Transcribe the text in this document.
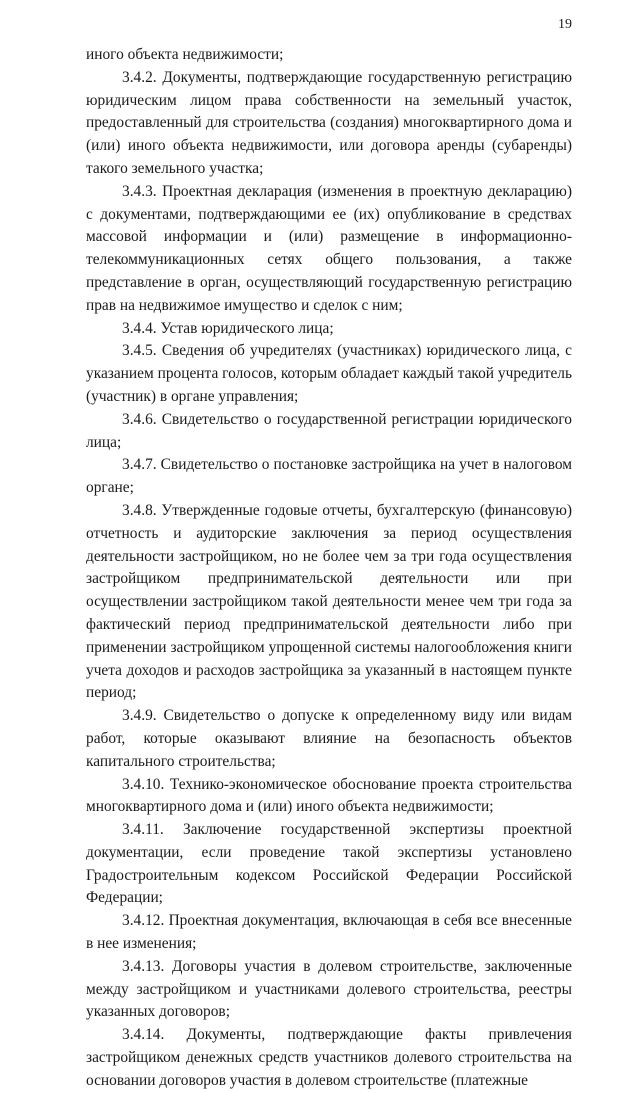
19

иного объекта недвижимости;

3.4.2. Документы, подтверждающие государственную регистрацию юридическим лицом права собственности на земельный участок, предоставленный для строительства (создания) многоквартирного дома и (или) иного объекта недвижимости, или договора аренды (субаренды) такого земельного участка;

3.4.3. Проектная декларация (изменения в проектную декларацию) с документами, подтверждающими ее (их) опубликование в средствах массовой информации и (или) размещение в информационно-телекоммуникационных сетях общего пользования, а также представление в орган, осуществляющий государственную регистрацию прав на недвижимое имущество и сделок с ним;

3.4.4. Устав юридического лица;

3.4.5. Сведения об учредителях (участниках) юридического лица, с указанием процента голосов, которым обладает каждый такой учредитель (участник) в органе управления;

3.4.6. Свидетельство о государственной регистрации юридического лица;

3.4.7. Свидетельство о постановке застройщика на учет в налоговом органе;

3.4.8. Утвержденные годовые отчеты, бухгалтерскую (финансовую) отчетность и аудиторские заключения за период осуществления деятельности застройщиком, но не более чем за три года осуществления застройщиком предпринимательской деятельности или при осуществлении застройщиком такой деятельности менее чем три года за фактический период предпринимательской деятельности либо при применении застройщиком упрощенной системы налогообложения книги учета доходов и расходов застройщика за указанный в настоящем пункте период;

3.4.9. Свидетельство о допуске к определенному виду или видам работ, которые оказывают влияние на безопасность объектов капитального строительства;

3.4.10. Технико-экономическое обоснование проекта строительства многоквартирного дома и (или) иного объекта недвижимости;

3.4.11. Заключение государственной экспертизы проектной документации, если проведение такой экспертизы установлено Градостроительным кодексом Российской Федерации Российской Федерации;

3.4.12. Проектная документация, включающая в себя все внесенные в нее изменения;

3.4.13. Договоры участия в долевом строительстве, заключенные между застройщиком и участниками долевого строительства, реестры указанных договоров;

3.4.14. Документы, подтверждающие факты привлечения застройщиком денежных средств участников долевого строительства на основании договоров участия в долевом строительстве (платежные
